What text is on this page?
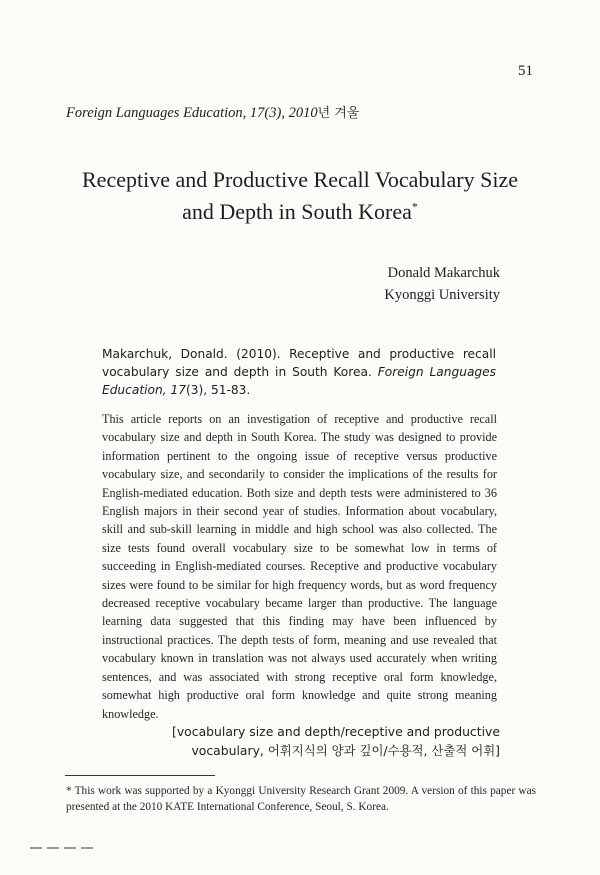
51
Foreign Languages Education, 17(3), 2010년 겨울
Receptive and Productive Recall Vocabulary Size
and Depth in South Korea*
Donald Makarchuk
Kyonggi University

Makarchuk, Donald. (2010). Receptive and productive recall vocabulary size and depth in South Korea. Foreign Languages Education, 17(3), 51-83.

This article reports on an investigation of receptive and productive recall vocabulary size and depth in South Korea. The study was designed to provide information pertinent to the ongoing issue of receptive versus productive vocabulary size, and secondarily to consider the implications of the results for English-mediated education. Both size and depth tests were administered to 36 English majors in their second year of studies. Information about vocabulary, skill and sub-skill learning in middle and high school was also collected. The size tests found overall vocabulary size to be somewhat low in terms of succeeding in English-mediated courses. Receptive and productive vocabulary sizes were found to be similar for high frequency words, but as word frequency decreased receptive vocabulary became larger than productive. The language learning data suggested that this finding may have been influenced by instructional practices. The depth tests of form, meaning and use revealed that vocabulary known in translation was not always used accurately when writing sentences, and was associated with strong receptive oral form knowledge, somewhat high productive oral form knowledge and quite strong meaning knowledge.

[vocabulary size and depth/receptive and productive
vocabulary, 어휘지식의 양과 깊이/수용적, 산출적 어휘]

* This work was supported by a Kyonggi University Research Grant 2009. A version of this paper was presented at the 2010 KATE International Conference, Seoul, S. Korea.
